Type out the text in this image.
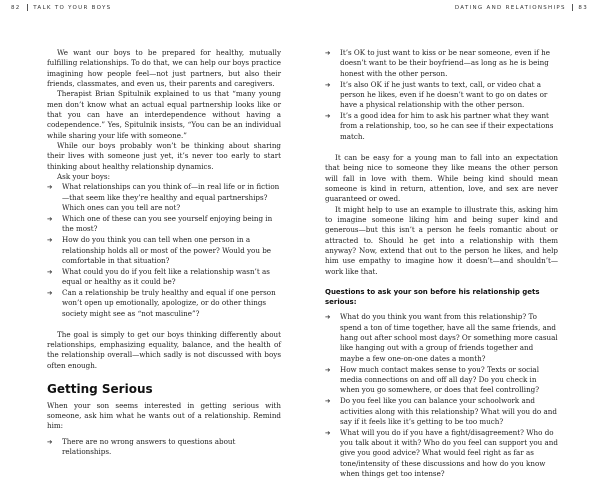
82 TALK TO YOUR BOYS

We want our boys to be prepared for healthy, mutually fulfilling relationships. To do that, we can help our boys practice imagining how people feel—not just partners, but also their friends, classmates, and even us, their parents and caregivers.

Therapist Brian Spitulnik explained to us that “many young men don’t know what an actual equal partnership looks like or that you can have an interdependence without having a codependence.” Yes, Spitulnik insists, “You can be an individual while sharing your life with someone.”

While our boys probably won’t be thinking about sharing their lives with someone just yet, it’s never too early to start thinking about healthy relationship dynamics.

Ask your boys:

➔	What relationships can you think of—in real life or in fiction—that seem like they’re healthy and equal partnerships? Which ones can you tell are not?
➔	Which one of these can you see yourself enjoying being in the most?
➔	How do you think you can tell when one person in a relationship holds all or most of the power? Would you be comfortable in that situation?
➔	What could you do if you felt like a relationship wasn’t as equal or healthy as it could be?
➔	Can a relationship be truly healthy and equal if one person won’t open up emotionally, apologize, or do other things society might see as “not masculine”?

The goal is simply to get our boys thinking differently about relationships, emphasizing equality, balance, and the health of the relationship overall—which sadly is not discussed with boys often enough.

Getting Serious

When your son seems interested in getting serious with someone, ask him what he wants out of a relationship. Remind him:

➔	There are no wrong answers to questions about relationships.
DATING AND RELATIONSHIPS 83
➔	It’s OK to just want to kiss or be near someone, even if he doesn’t want to be their boyfriend—as long as he is being honest with the other person.
➔	It’s also OK if he just wants to text, call, or video chat a person he likes, even if he doesn’t want to go on dates or have a physical relationship with the other person.
➔	It’s a good idea for him to ask his partner what they want from a relationship, too, so he can see if their expectations match.

It can be easy for a young man to fall into an expectation that being nice to someone they like means the other person will fall in love with them. While being kind should mean someone is kind in return, attention, love, and sex are never guaranteed or owed.

It might help to use an example to illustrate this, asking him to imagine someone liking him and being super kind and generous—but this isn’t a person he feels romantic about or attracted to. Should he get into a relationship with them anyway? Now, extend that out to the person he likes, and help him use empathy to imagine how it doesn’t—and shouldn’t—work like that.

Questions to ask your son before his relationship gets serious:
➔	What do you think you want from this relationship? To spend a ton of time together, have all the same friends, and hang out after school most days? Or something more casual like hanging out with a group of friends together and maybe a few one-on-one dates a month?
➔	How much contact makes sense to you? Texts or social media connections on and off all day? Do you check in when you go somewhere, or does that feel controlling?
➔	Do you feel like you can balance your schoolwork and activities along with this relationship? What will you do and say if it feels like it’s getting to be too much?
➔	What will you do if you have a fight/disagreement? Who do you talk about it with? Who do you feel can support you and give you good advice? What would feel right as far as tone/intensity of these discussions and how do you know when things get too intense?
